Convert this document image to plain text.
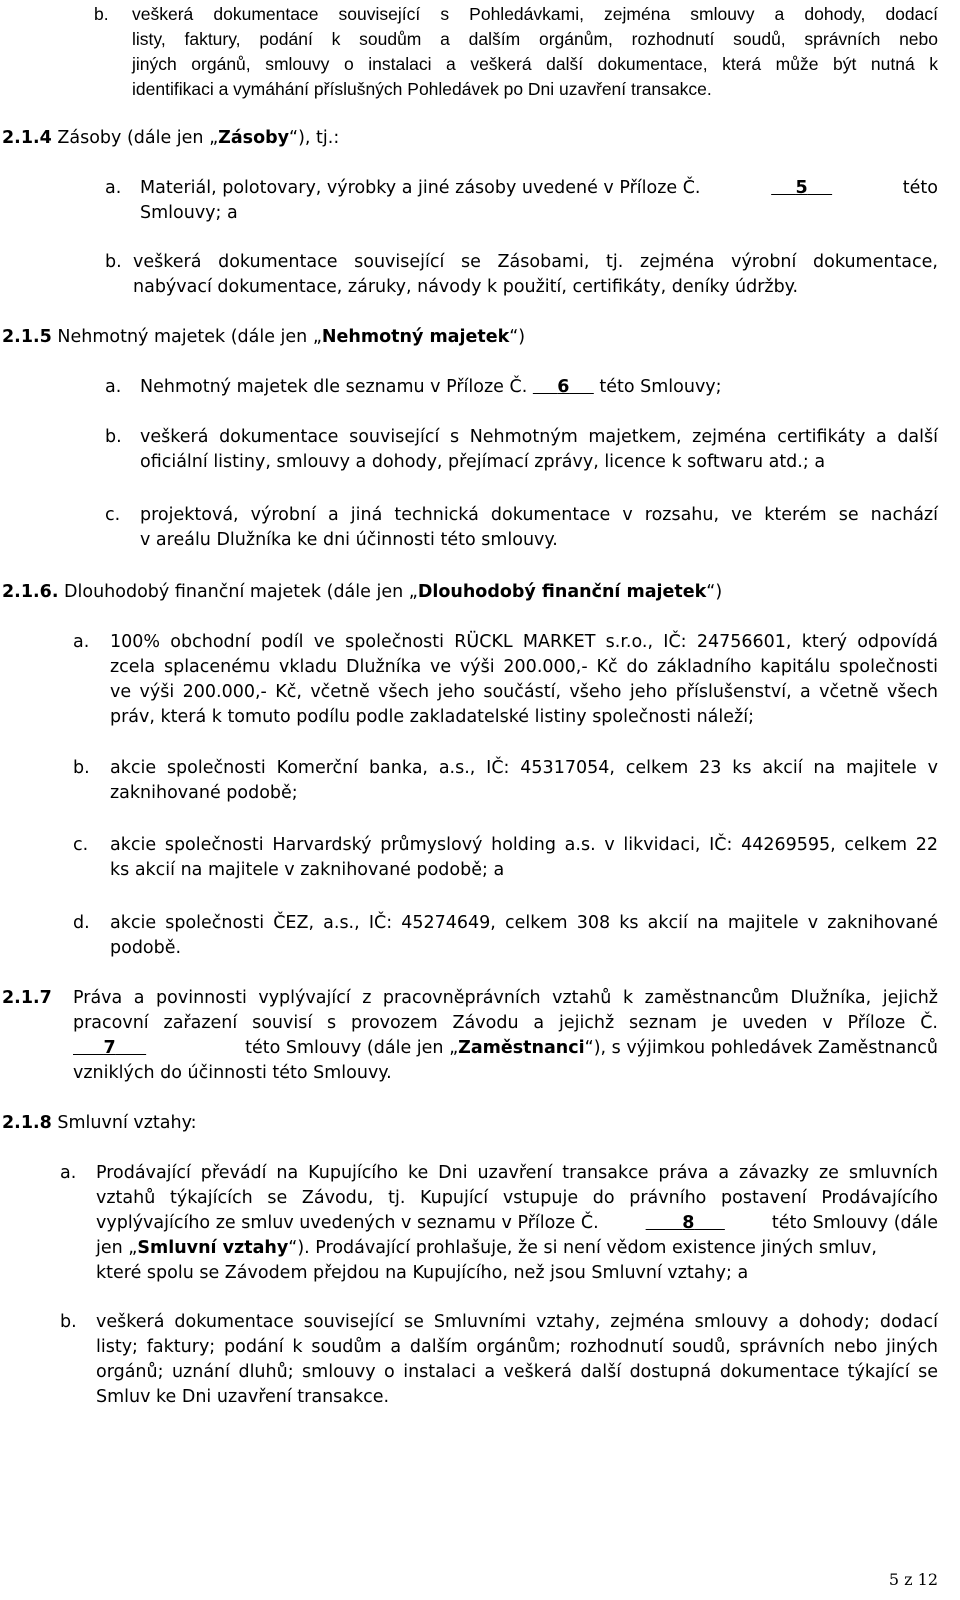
b.	veškerá dokumentace související s Pohledávkami, zejména smlouvy a dohody, dodací
listy, faktury, podání k soudům a dalším orgánům, rozhodnutí soudů, správních nebo
jiných orgánů, smlouvy o instalaci a veškerá další dokumentace, která může být nutná k
identifikaci a vymáhání příslušných Pohledávek po Dni uzavření transakce.
2.1.4 Zásoby (dále jen „Zásoby“), tj.:
a.	Materiál, polotovary, výrobky a jiné zásoby uvedené v Příloze Č.	5	této
Smlouvy; a
b. veškerá dokumentace související se Zásobami, tj. zejména výrobní dokumentace,
nabývací dokumentace, záruky, návody k použití, certifikáty, deníky údržby.
2.1.5 Nehmotný majetek (dále jen „Nehmotný majetek“)
a.	Nehmotný majetek dle seznamu v Příloze Č. 6 této Smlouvy;
b.	veškerá dokumentace související s Nehmotným majetkem, zejména certifikáty a další
oficiální listiny, smlouvy a dohody, přejímací zprávy, licence k softwaru atd.; a
c.	projektová, výrobní a jiná technická dokumentace v rozsahu, ve kterém se nachází
v areálu Dlužníka ke dni účinnosti této smlouvy.
2.1.6. Dlouhodobý finanční majetek (dále jen „Dlouhodobý finanční majetek“)
a.	100% obchodní podíl ve společnosti RÜCKL MARKET s.r.o., IČ: 24756601, který odpovídá
zcela splacenému vkladu Dlužníka ve výši 200.000,- Kč do základního kapitálu společnosti
ve výši 200.000,- Kč, včetně všech jeho součástí, všeho jeho příslušenství, a včetně všech
práv, která k tomuto podílu podle zakladatelské listiny společnosti náleží;
b.	akcie společnosti Komerční banka, a.s., IČ: 45317054, celkem 23 ks akcií na majitele v
zaknihované podobě;
c.	akcie společnosti Harvardský průmyslový holding a.s. v likvidaci, IČ: 44269595, celkem 22
ks akcií na majitele v zaknihované podobě; a
d.	akcie společnosti ČEZ, a.s., IČ: 45274649, celkem 308 ks akcií na majitele v zaknihované
podobě.
2.1.7	Práva a povinnosti vyplývající z pracovněprávních vztahů k zaměstnancům Dlužníka, jejichž
pracovní zařazení souvisí s provozem Závodu a jejichž seznam je uveden v Příloze Č.
7	této Smlouvy (dále jen „Zaměstnanci“), s výjimkou pohledávek Zaměstnanců
vzniklých do účinnosti této Smlouvy.
2.1.8 Smluvní vztahy:
a.	Prodávající převádí na Kupujícího ke Dni uzavření transakce práva a závazky ze smluvních
vztahů týkajících se Závodu, tj. Kupující vstupuje do právního postavení Prodávajícího
vyplývajícího ze smluv uvedených v seznamu v Příloze Č.	8	této Smlouvy (dále
jen „Smluvní vztahy“). Prodávající prohlašuje, že si není vědom existence jiných smluv,
které spolu se Závodem přejdou na Kupujícího, než jsou Smluvní vztahy; a
b.	veškerá dokumentace související se Smluvními vztahy, zejména smlouvy a dohody; dodací
listy; faktury; podání k soudům a dalším orgánům; rozhodnutí soudů, správních nebo jiných
orgánů; uznání dluhů; smlouvy o instalaci a veškerá další dostupná dokumentace týkající se
Smluv ke Dni uzavření transakce.
5 z 12
